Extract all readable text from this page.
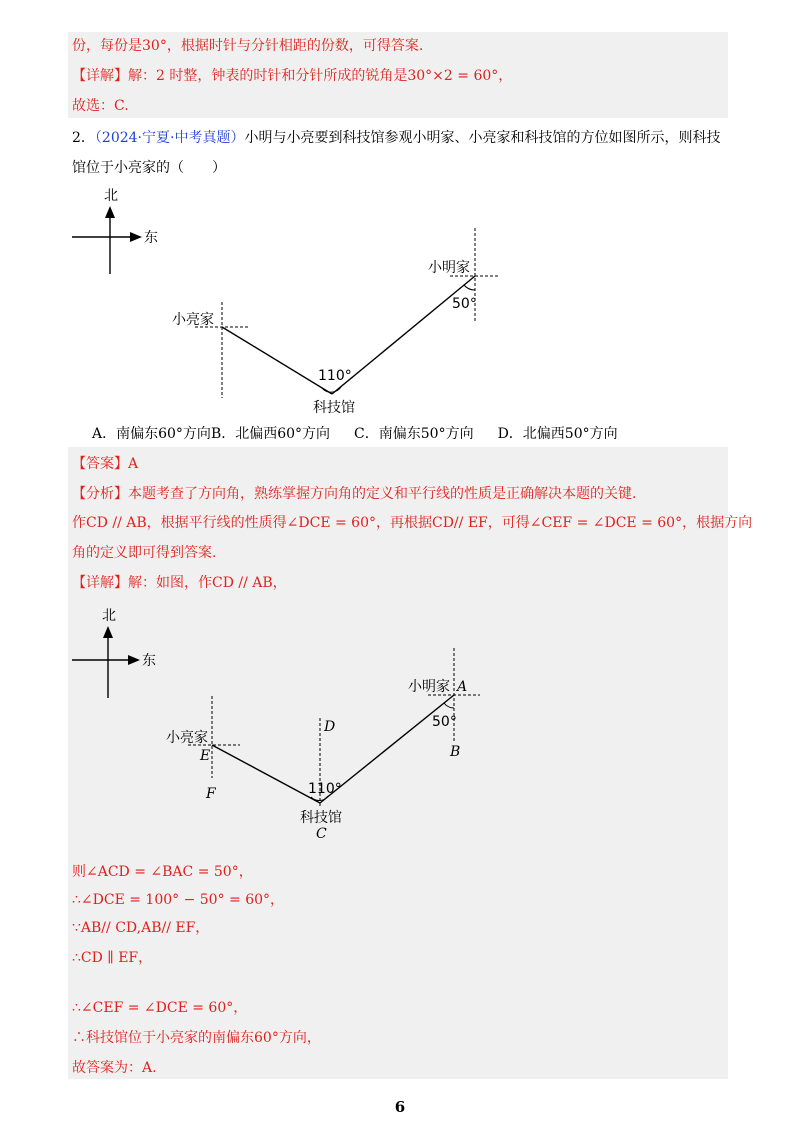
份，每份是30°，根据时针与分针相距的份数，可得答案.
【详解】解：2 时整，钟表的时针和分针所成的锐角是30°×2 = 60°，
故选：C.
2．（2024·宁夏·中考真题）小明与小亮要到科技馆参观小明家、小亮家和科技馆的方位如图所示，则科技
馆位于小亮家的（　　）
北
东
小明家
小亮家
科技馆
110°
50°
A．南偏东60°方向B．北偏西60°方向 C．南偏东50°方向 D．北偏西50°方向
【答案】A
【分析】本题考查了方向角，熟练掌握方向角的定义和平行线的性质是正确解决本题的关键.
作CD // AB，根据平行线的性质得∠DCE = 60°，再根据CD// EF，可得∠CEF = ∠DCE = 60°，根据方向
角的定义即可得到答案.
【详解】解：如图，作CD // AB，
北
东
小明家 A
50°
B
D
小亮家
E
F	110°
科技馆
C
则∠ACD = ∠BAC = 50°，
∴∠DCE = 100° − 50° = 60°，
∵AB// CD,AB// EF，
∴CD ∥ EF，
∴∠CEF = ∠DCE = 60°，
∴科技馆位于小亮家的南偏东60°方向，
故答案为：A.
6
